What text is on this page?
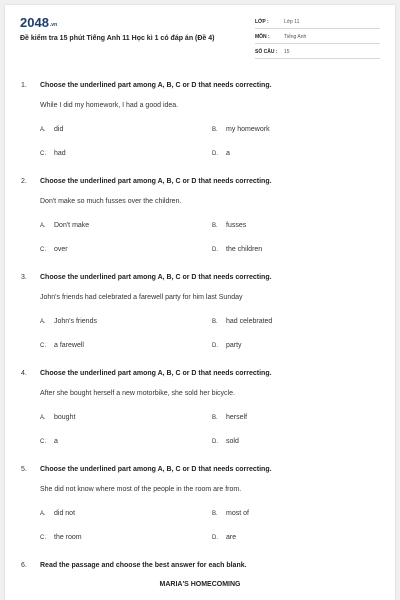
$2048^{.vn}$
Đề kiểm tra 15 phút Tiếng Anh 11 Học kì 1 có đáp án (Đề 4)
LỚP :	Lớp 11
MÔN :	Tiếng Anh
SỐ CÂU : 15
1. Choose the underlined part among A, B, C or D that needs correcting.
While I did my homework, I had a good idea.
A. did	B. my homework
C. had	D. a
2. Choose the underlined part among A, B, C or D that needs correcting.
Don't make so much fusses over the children.
A. Don't make	B. fusses
C. over	D. the children
3. Choose the underlined part among A, B, C or D that needs correcting.
John's friends had celebrated a farewell party for him last Sunday
A. John's friends	B. had celebrated
C. a farewell	D. party
4. Choose the underlined part among A, B, C or D that needs correcting.
After she bought herself a new motorbike, she sold her bicycle.
A. bought	B. herself
C. a	D. sold
5. Choose the underlined part among A, B, C or D that needs correcting.
She did not know where most of the people in the room are from.
A. did not	B. most of
C. the room	D. are
6. Read the passage and choose the best answer for each blank.
MARIA'S HOMECOMING
